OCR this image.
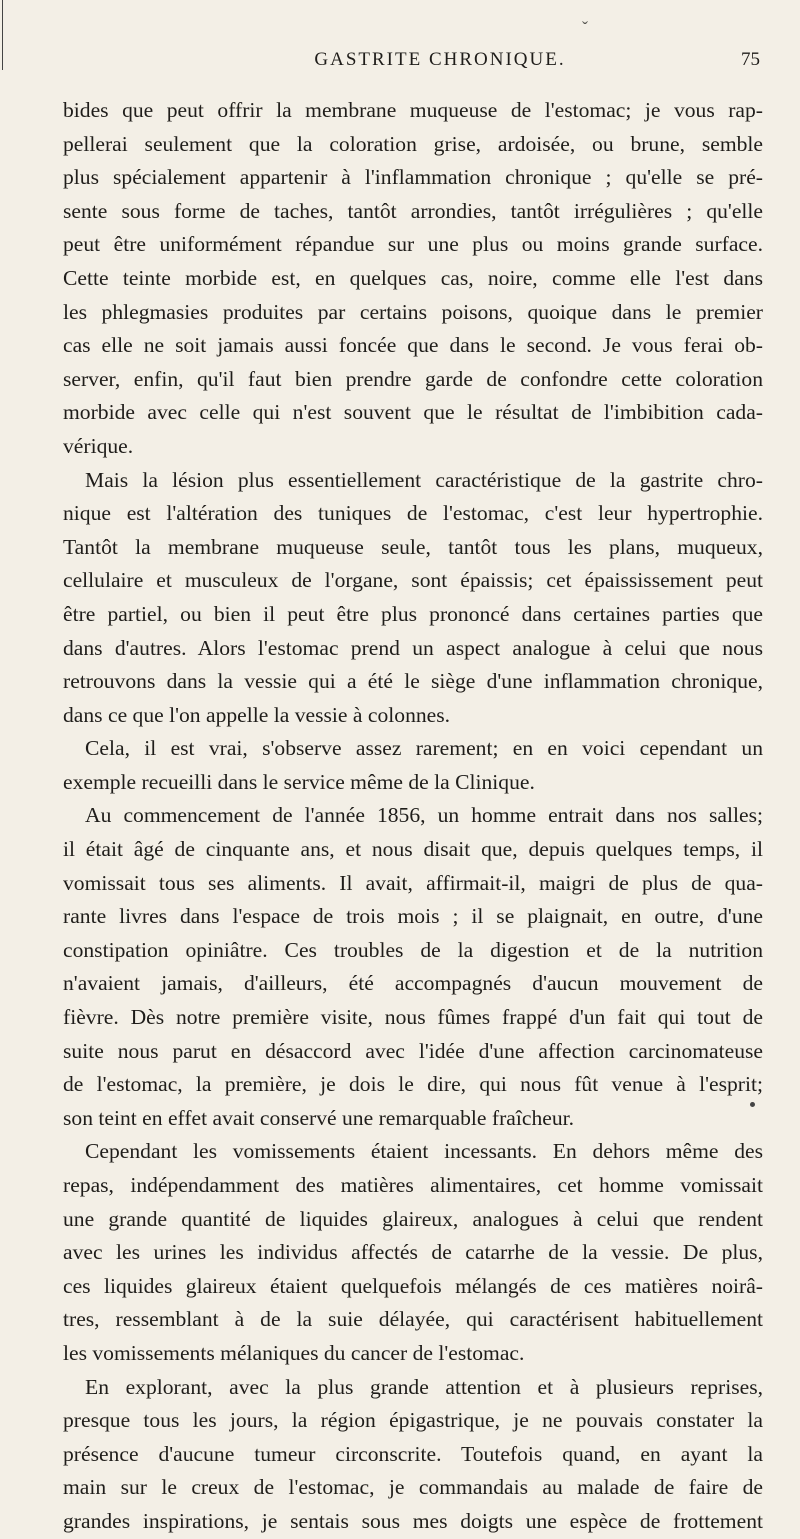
ˇ
GASTRITE CHRONIQUE.	75
bides que peut offrir la membrane muqueuse de l'estomac; je vous rap-
pellerai seulement que la coloration grise, ardoisée, ou brune, semble
plus spécialement appartenir à l'inflammation chronique ; qu'elle se pré-
sente sous forme de taches, tantôt arrondies, tantôt irrégulières ; qu'elle
peut être uniformément répandue sur une plus ou moins grande surface.
Cette teinte morbide est, en quelques cas, noire, comme elle l'est dans
les phlegmasies produites par certains poisons, quoique dans le premier
cas elle ne soit jamais aussi foncée que dans le second. Je vous ferai ob-
server, enfin, qu'il faut bien prendre garde de confondre cette coloration
morbide avec celle qui n'est souvent que le résultat de l'imbibition cada-
vérique.
Mais la lésion plus essentiellement caractéristique de la gastrite chro-
nique est l'altération des tuniques de l'estomac, c'est leur hypertrophie.
Tantôt la membrane muqueuse seule, tantôt tous les plans, muqueux,
cellulaire et musculeux de l'organe, sont épaissis; cet épaississement peut
être partiel, ou bien il peut être plus prononcé dans certaines parties que
dans d'autres. Alors l'estomac prend un aspect analogue à celui que nous
retrouvons dans la vessie qui a été le siège d'une inflammation chronique,
dans ce que l'on appelle la vessie à colonnes.
Cela, il est vrai, s'observe assez rarement; en en voici cependant un
exemple recueilli dans le service même de la Clinique.
Au commencement de l'année 1856, un homme entrait dans nos salles;
il était âgé de cinquante ans, et nous disait que, depuis quelques temps, il
vomissait tous ses aliments. Il avait, affirmait-il, maigri de plus de qua-
rante livres dans l'espace de trois mois ; il se plaignait, en outre, d'une
constipation opiniâtre. Ces troubles de la digestion et de la nutrition
n'avaient jamais, d'ailleurs, été accompagnés d'aucun mouvement de
fièvre. Dès notre première visite, nous fûmes frappé d'un fait qui tout de
suite nous parut en désaccord avec l'idée d'une affection carcinomateuse
de l'estomac, la première, je dois le dire, qui nous fût venue à l'esprit;
son teint en effet avait conservé une remarquable fraîcheur.
Cependant les vomissements étaient incessants. En dehors même des
repas, indépendamment des matières alimentaires, cet homme vomissait
une grande quantité de liquides glaireux, analogues à celui que rendent
avec les urines les individus affectés de catarrhe de la vessie. De plus,
ces liquides glaireux étaient quelquefois mélangés de ces matières noirâ-
tres, ressemblant à de la suie délayée, qui caractérisent habituellement
les vomissements mélaniques du cancer de l'estomac.
En explorant, avec la plus grande attention et à plusieurs reprises,
presque tous les jours, la région épigastrique, je ne pouvais constater la
présence d'aucune tumeur circonscrite. Toutefois quand, en ayant la
main sur le creux de l'estomac, je commandais au malade de faire de
grandes inspirations, je sentais sous mes doigts une espèce de frottement
